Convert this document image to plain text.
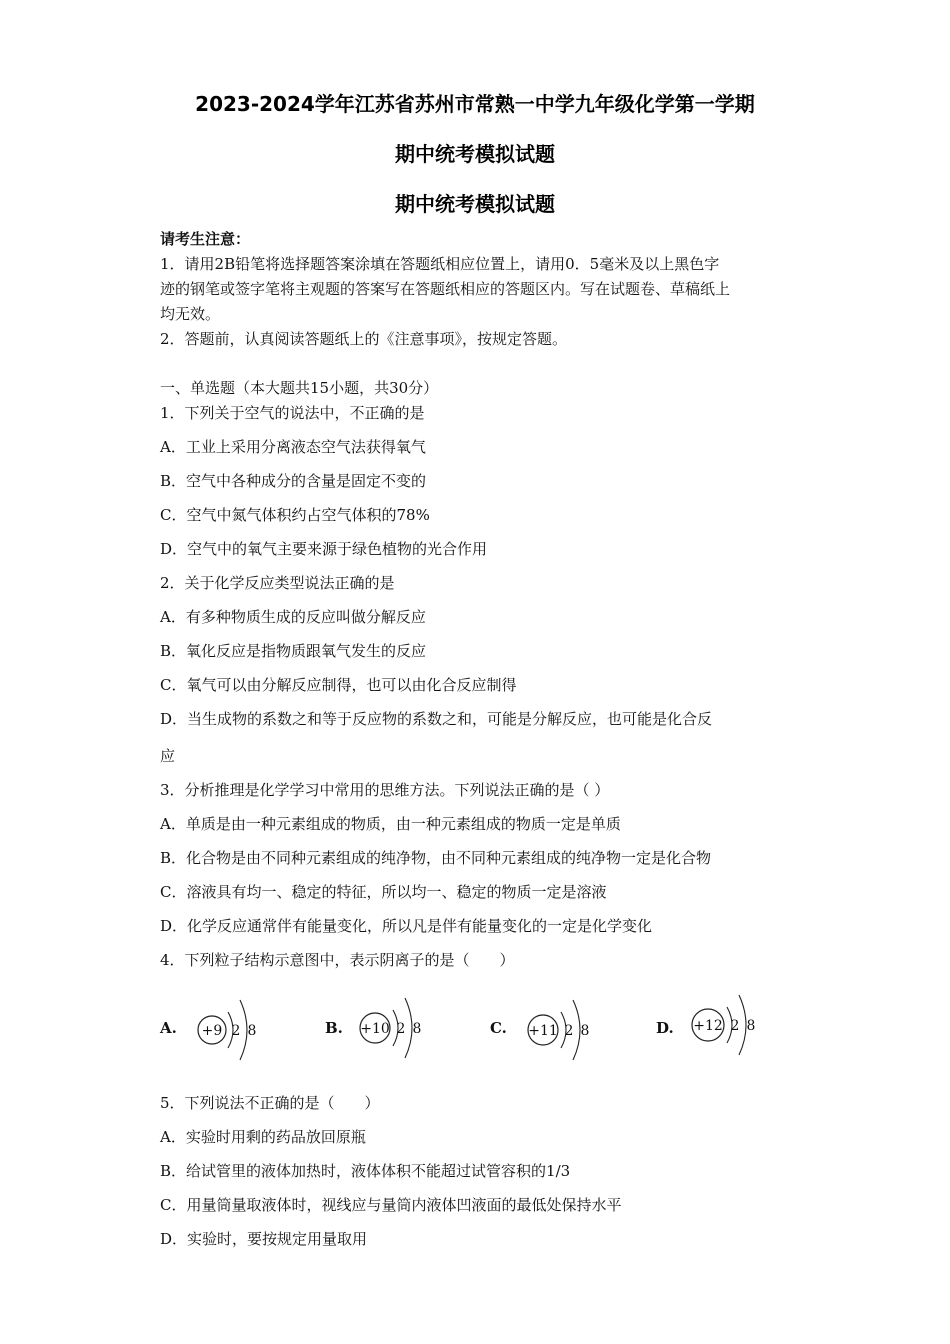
2023-2024学年江苏省苏州市常熟一中学九年级化学第一学期
期中统考模拟试题
期中统考模拟试题
请考生注意：
1．请用2B铅笔将选择题答案涂填在答题纸相应位置上，请用0．5毫米及以上黑色字
迹的钢笔或签字笔将主观题的答案写在答题纸相应的答题区内。写在试题卷、草稿纸上
均无效。
2．答题前，认真阅读答题纸上的《注意事项》，按规定答题。
一、单选题（本大题共15小题，共30分）
1．下列关于空气的说法中，不正确的是
A．工业上采用分离液态空气法获得氧气
B．空气中各种成分的含量是固定不变的
C．空气中氮气体积约占空气体积的78%
D．空气中的氧气主要来源于绿色植物的光合作用
2．关于化学反应类型说法正确的是
A．有多种物质生成的反应叫做分解反应
B．氧化反应是指物质跟氧气发生的反应
C．氧气可以由分解反应制得，也可以由化合反应制得
D．当生成物的系数之和等于反应物的系数之和，可能是分解反应，也可能是化合反
应
3．分析推理是化学学习中常用的思维方法。下列说法正确的是（ ）
A．单质是由一种元素组成的物质，由一种元素组成的物质一定是单质
B．化合物是由不同种元素组成的纯净物，由不同种元素组成的纯净物一定是化合物
C．溶液具有均一、稳定的特征，所以均一、稳定的物质一定是溶液
D．化学反应通常伴有能量变化，所以凡是伴有能量变化的一定是化学变化
4．下列粒子结构示意图中，表示阴离子的是（　　）
A. +9 2 8	B. +10 2 8	C. +11 2 8	D. +12 2 8
5．下列说法不正确的是（　　）
A．实验时用剩的药品放回原瓶
B．给试管里的液体加热时，液体体积不能超过试管容积的1/3
C．用量筒量取液体时，视线应与量筒内液体凹液面的最低处保持水平
D．实验时，要按规定用量取用
